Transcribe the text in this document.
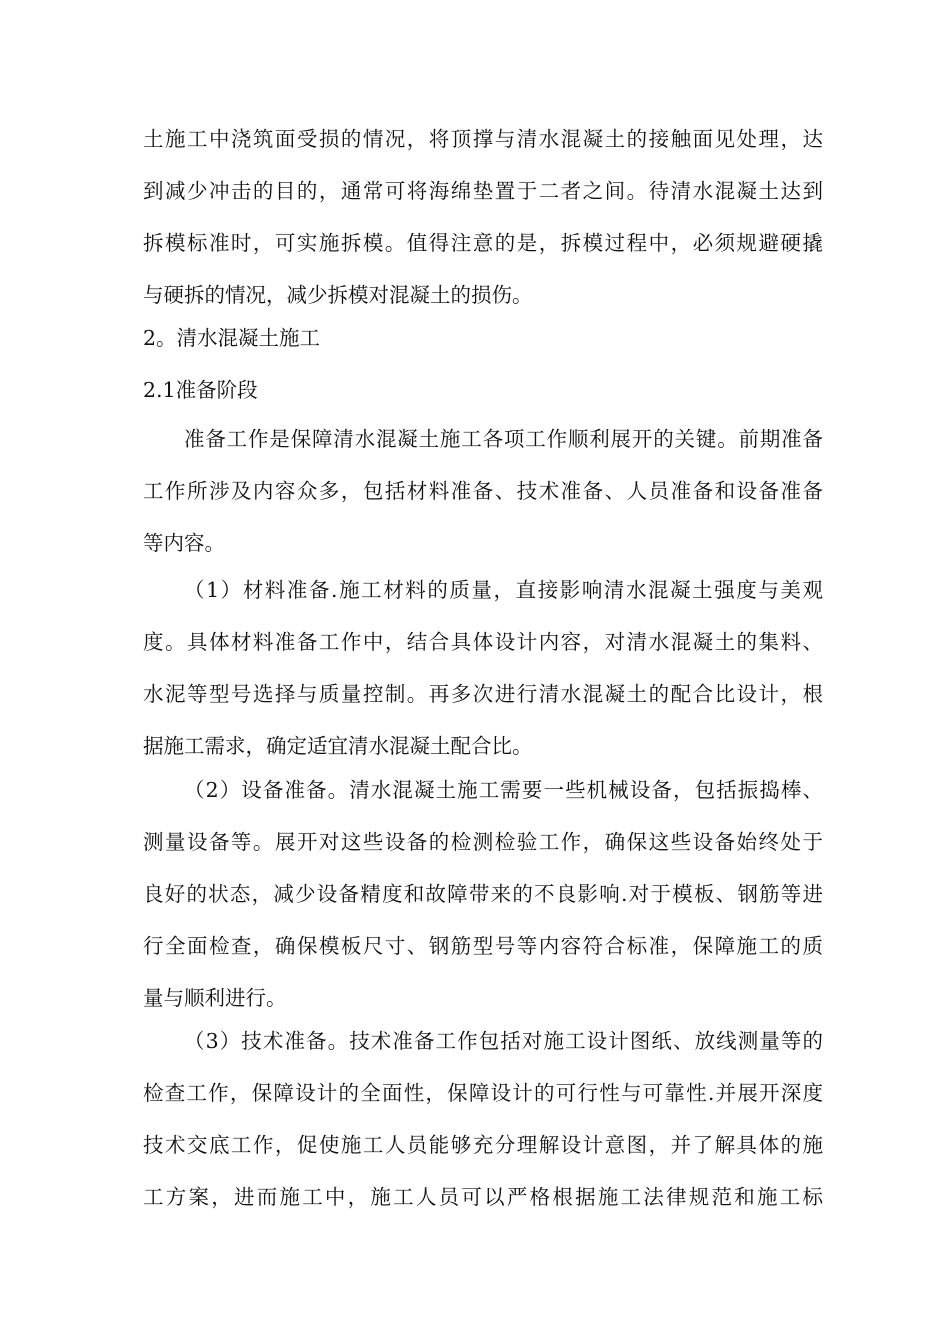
土施工中浇筑面受损的情况，将顶撑与清水混凝土的接触面见处理，达
到减少冲击的目的，通常可将海绵垫置于二者之间。待清水混凝土达到
拆模标准时，可实施拆模。值得注意的是，拆模过程中，必须规避硬撬
与硬拆的情况，减少拆模对混凝土的损伤。
2。清水混凝土施工
2.1准备阶段
准备工作是保障清水混凝土施工各项工作顺利展开的关键。前期准备
工作所涉及内容众多，包括材料准备、技术准备、人员准备和设备准备
等内容。
（1）材料准备.施工材料的质量，直接影响清水混凝土强度与美观
度。具体材料准备工作中，结合具体设计内容，对清水混凝土的集料、
水泥等型号选择与质量控制。再多次进行清水混凝土的配合比设计，根
据施工需求，确定适宜清水混凝土配合比。
（2）设备准备。清水混凝土施工需要一些机械设备，包括振捣棒、
测量设备等。展开对这些设备的检测检验工作，确保这些设备始终处于
良好的状态，减少设备精度和故障带来的不良影响.对于模板、钢筋等进
行全面检查，确保模板尺寸、钢筋型号等内容符合标准，保障施工的质
量与顺利进行。
（3）技术准备。技术准备工作包括对施工设计图纸、放线测量等的
检查工作，保障设计的全面性，保障设计的可行性与可靠性.并展开深度
技术交底工作，促使施工人员能够充分理解设计意图，并了解具体的施
工方案，进而施工中，施工人员可以严格根据施工法律规范和施工标
